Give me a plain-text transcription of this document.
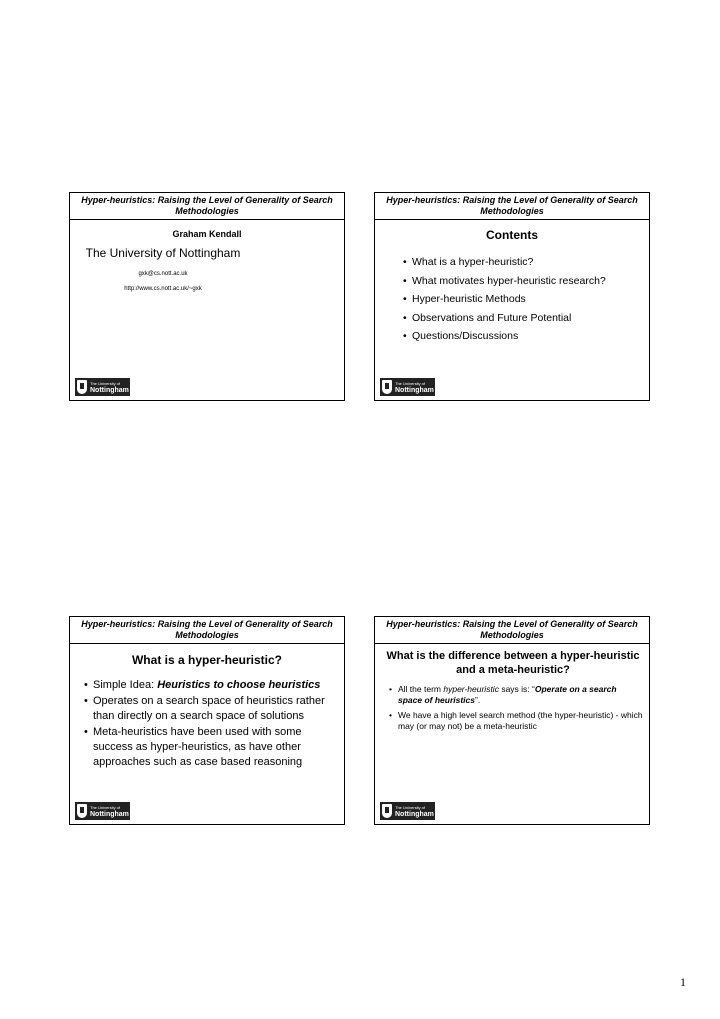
Hyper-heuristics: Raising the Level of Generality of Search Methodologies
Graham Kendall
The University of Nottingham
gxk@cs.nott.ac.uk
http://www.cs.nott.ac.uk/~gxk
The University of
Nottingham
Hyper-heuristics: Raising the Level of Generality of Search Methodologies
Contents
• What is a hyper-heuristic?
• What motivates hyper-heuristic research?
• Hyper-heuristic Methods
• Observations and Future Potential
• Questions/Discussions
The University of
Nottingham
Hyper-heuristics: Raising the Level of Generality of Search Methodologies
What is a hyper-heuristic?
• Simple Idea: Heuristics to choose heuristics
• Operates on a search space of heuristics rather than directly on a search space of solutions
• Meta-heuristics have been used with some success as hyper-heuristics, as have other approaches such as case based reasoning
The University of
Nottingham
Hyper-heuristics: Raising the Level of Generality of Search Methodologies
What is the difference between a hyper-heuristic and a meta-heuristic?
• All the term hyper-heuristic says is: “Operate on a search space of heuristics”.
• We have a high level search method (the hyper-heuristic) - which may (or may not) be a meta-heuristic
The University of
Nottingham
1
